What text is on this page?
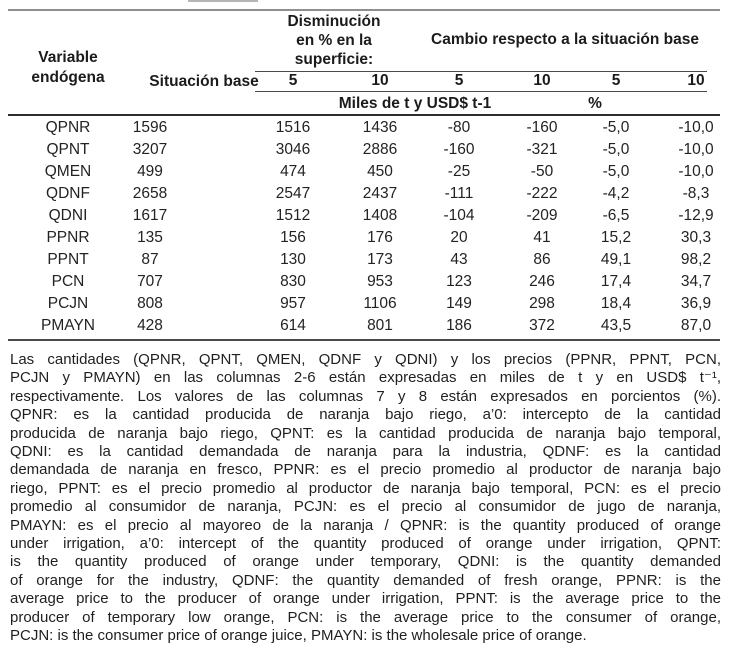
Variable endógena	Situación base
Disminución en % en la superficie:
Cambio respecto a la situación base
5	10	5	10	5	10
Miles de t y USD$ t-1	%
QPNR	1596	1516	1436	-80	-160	-5,0	-10,0
QPNT	3207	3046	2886	-160	-321	-5,0	-10,0
QMEN	499	474	450	-25	-50	-5,0	-10,0
QDNF	2658	2547	2437	-111	-222	-4,2	-8,3
QDNI	1617	1512	1408	-104	-209	-6,5	-12,9
PPNR	135	156	176	20	41	15,2	30,3
PPNT	87	130	173	43	86	49,1	98,2
PCN	707	830	953	123	246	17,4	34,7
PCJN	808	957	1106	149	298	18,4	36,9
PMAYN	428	614	801	186	372	43,5	87,0
Las cantidades (QPNR, QPNT, QMEN, QDNF y QDNI) y los precios (PPNR, PPNT, PCN,
PCJN y PMAYN) en las columnas 2-6 están expresadas en miles de t y en USD$ t⁻¹,
respectivamente. Los valores de las columnas 7 y 8 están expresados en porcientos (%).
QPNR: es la cantidad producida de naranja bajo riego, a’0: intercepto de la cantidad
producida de naranja bajo riego, QPNT: es la cantidad producida de naranja bajo temporal,
QDNI: es la cantidad demandada de naranja para la industria, QDNF: es la cantidad
demandada de naranja en fresco, PPNR: es el precio promedio al productor de naranja bajo
riego, PPNT: es el precio promedio al productor de naranja bajo temporal, PCN: es el precio
promedio al consumidor de naranja, PCJN: es el precio al consumidor de jugo de naranja,
PMAYN: es el precio al mayoreo de la naranja / QPNR: is the quantity produced of orange
under irrigation, a’0: intercept of the quantity produced of orange under irrigation, QPNT:
is the quantity produced of orange under temporary, QDNI: is the quantity demanded
of orange for the industry, QDNF: the quantity demanded of fresh orange, PPNR: is the
average price to the producer of orange under irrigation, PPNT: is the average price to the
producer of temporary low orange, PCN: is the average price to the consumer of orange,
PCJN: is the consumer price of orange juice, PMAYN: is the wholesale price of orange.
